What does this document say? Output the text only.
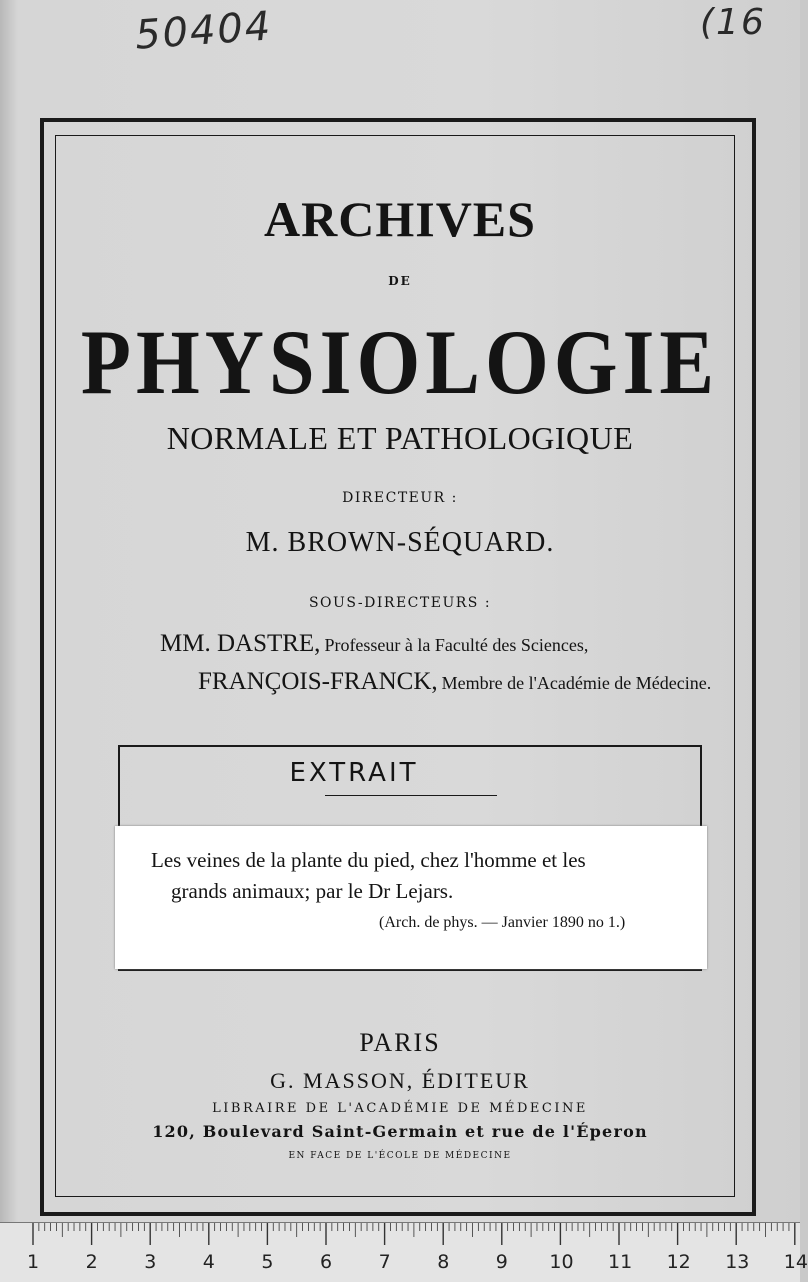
50404	(16

ARCHIVES
DE
PHYSIOLOGIE
NORMALE ET PATHOLOGIQUE
DIRECTEUR :
M. BROWN-SÉQUARD.
SOUS-DIRECTEURS :
MM. DASTRE, Professeur à la Faculté des Sciences,
FRANÇOIS-FRANCK, Membre de l'Académie de Médecine.
EXTRAIT
Les veines de la plante du pied, chez l'homme et les
grands animaux; par le Dr Lejars.
(Arch. de phys. — Janvier 1890 no 1.)
PARIS
G. MASSON, ÉDITEUR
LIBRAIRE DE L'ACADÉMIE DE MÉDECINE
120, Boulevard Saint-Germain et rue de l'Éperon
EN FACE DE L'ÉCOLE DE MÉDECINE
1 2 3 4 5 6 7 8 9 10 11 12 13 14
